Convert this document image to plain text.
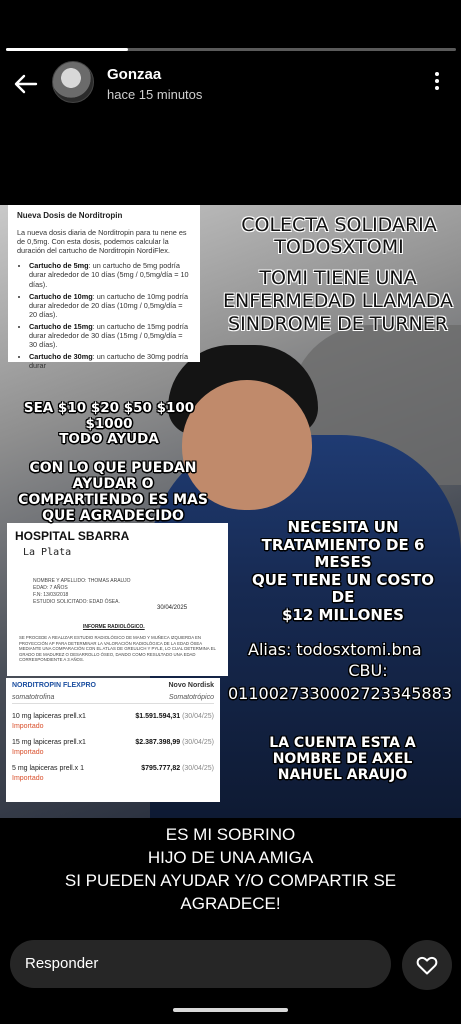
Gonzaa
hace 15 minutos
Nueva Dosis de Norditropin

La nueva dosis diaria de Norditropin para tu nene es de 0,5mg. Con esta dosis, podemos calcular la duración del cartucho de Norditropin NordiFlex.

• Cartucho de 5mg: un cartucho de 5mg podría durar alrededor de 10 días (5mg / 0,5mg/día = 10 días).
• Cartucho de 10mg: un cartucho de 10mg podría durar alrededor de 20 días (10mg / 0,5mg/día = 20 días).
• Cartucho de 15mg: un cartucho de 15mg podría durar alrededor de 30 días (15mg / 0,5mg/día = 30 días).
• Cartucho de 30mg: un cartucho de 30mg podría durar
HOSPITAL SBARRA
La Plata
NOMBRE Y APELLIDO: THOMAS ARAUJO
EDAD: 7 AÑOS
F.N: 13/03/2018
ESTUDIO SOLICITADO: EDAD ÓSEA.
30/04/2025
INFORME RADIOLÓGICO.
SE PROCEDE A REALIZAR ESTUDIO RADIOLÓGICO DE MANO Y MUÑECA IZQUIERDA EN PROYECCIÓN AP PARA DETERMINAR LA VALORACIÓN RADIOLÓGICA DE LA EDAD ÓSEA MEDIANTE UNA COMPARACIÓN CON EL ATLAS DE GREULICH Y PYLE, LO CUAL DETERMINA EL GRADO DE MADUREZ O DESARROLLO ÓSEO, DANDO COMO RESULTADO UNA EDAD CORRESPONDIENTE A 3 AÑOS.
NORDITROPIN FLEXPRO	Novo Nordisk
somatotrofina	Somatotrópico
10 mg lapiceras prell.x1	$1.591.594,31 (30/04/25)
Importado
15 mg lapiceras prell.x1	$2.387.398,99 (30/04/25)
Importado
5 mg lapiceras prell.x 1	$795.777,82 (30/04/25)
Importado
COLECTA SOLIDARIA
TODOSXTOMI
TOMI TIENE UNA
ENFERMEDAD LLAMADA
SINDROME DE TURNER
SEA $10 $20 $50 $100
$1000
TODO AYUDA
CON LO QUE PUEDAN
AYUDAR O
COMPARTIENDO ES MAS
QUE AGRADECIDO
NECESITA UN
TRATAMIENTO DE 6
MESES
QUE TIENE UN COSTO
DE
$12 MILLONES
Alias: todosxtomi.bna
CBU:
0110027330002723345883
LA CUENTA ESTA A
NOMBRE DE AXEL
NAHUEL ARAUJO
ES MI SOBRINO
HIJO DE UNA AMIGA
SI PUEDEN AYUDAR Y/O COMPARTIR SE
AGRADECE!
Responder
